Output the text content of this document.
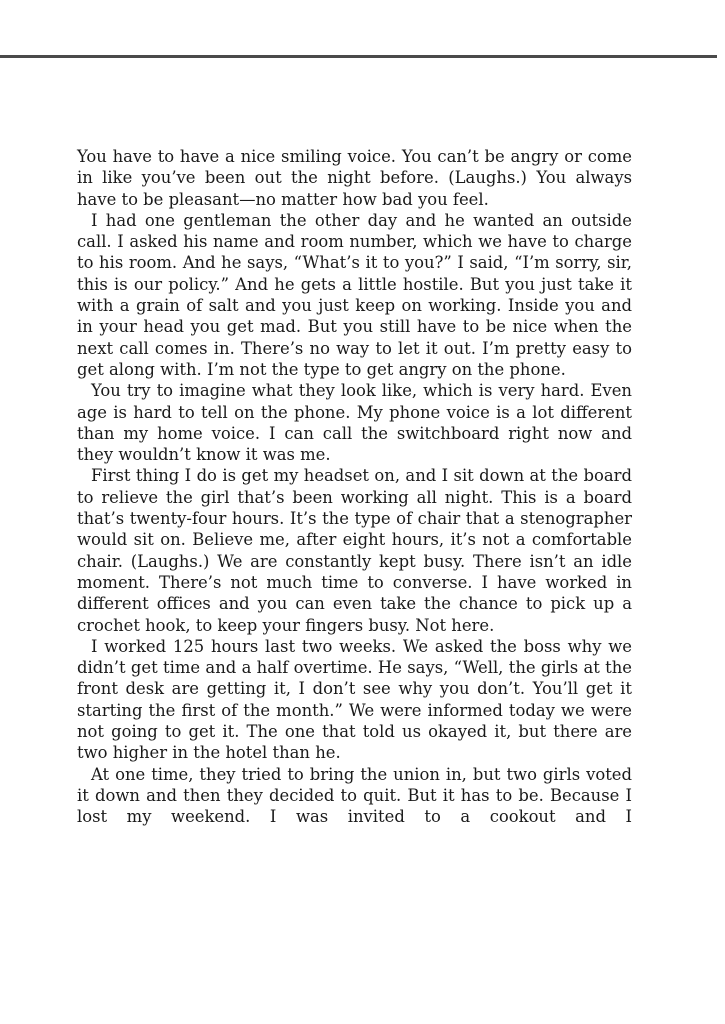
You have to have a nice smiling voice. You can’t be angry or come in like you’ve been out the night before. (Laughs.) You always have to be pleasant—no matter how bad you feel.

I had one gentleman the other day and he wanted an outside call. I asked his name and room number, which we have to charge to his room. And he says, “What’s it to you?” I said, “I’m sorry, sir, this is our policy.” And he gets a little hostile. But you just take it with a grain of salt and you just keep on working. Inside you and in your head you get mad. But you still have to be nice when the next call comes in. There’s no way to let it out. I’m pretty easy to get along with. I’m not the type to get angry on the phone.

You try to imagine what they look like, which is very hard. Even age is hard to tell on the phone. My phone voice is a lot different than my home voice. I can call the switchboard right now and they wouldn’t know it was me.

First thing I do is get my headset on, and I sit down at the board to relieve the girl that’s been working all night. This is a board that’s twenty-four hours. It’s the type of chair that a stenographer would sit on. Believe me, after eight hours, it’s not a comfortable chair. (Laughs.) We are constantly kept busy. There isn’t an idle moment. There’s not much time to converse. I have worked in different offices and you can even take the chance to pick up a crochet hook, to keep your fingers busy. Not here.

I worked 125 hours last two weeks. We asked the boss why we didn’t get time and a half overtime. He says, “Well, the girls at the front desk are getting it, I don’t see why you don’t. You’ll get it starting the first of the month.” We were informed today we were not going to get it. The one that told us okayed it, but there are two higher in the hotel than he.

At one time, they tried to bring the union in, but two girls voted it down and then they decided to quit. But it has to be. Because I lost my weekend. I was invited to a cookout and I
